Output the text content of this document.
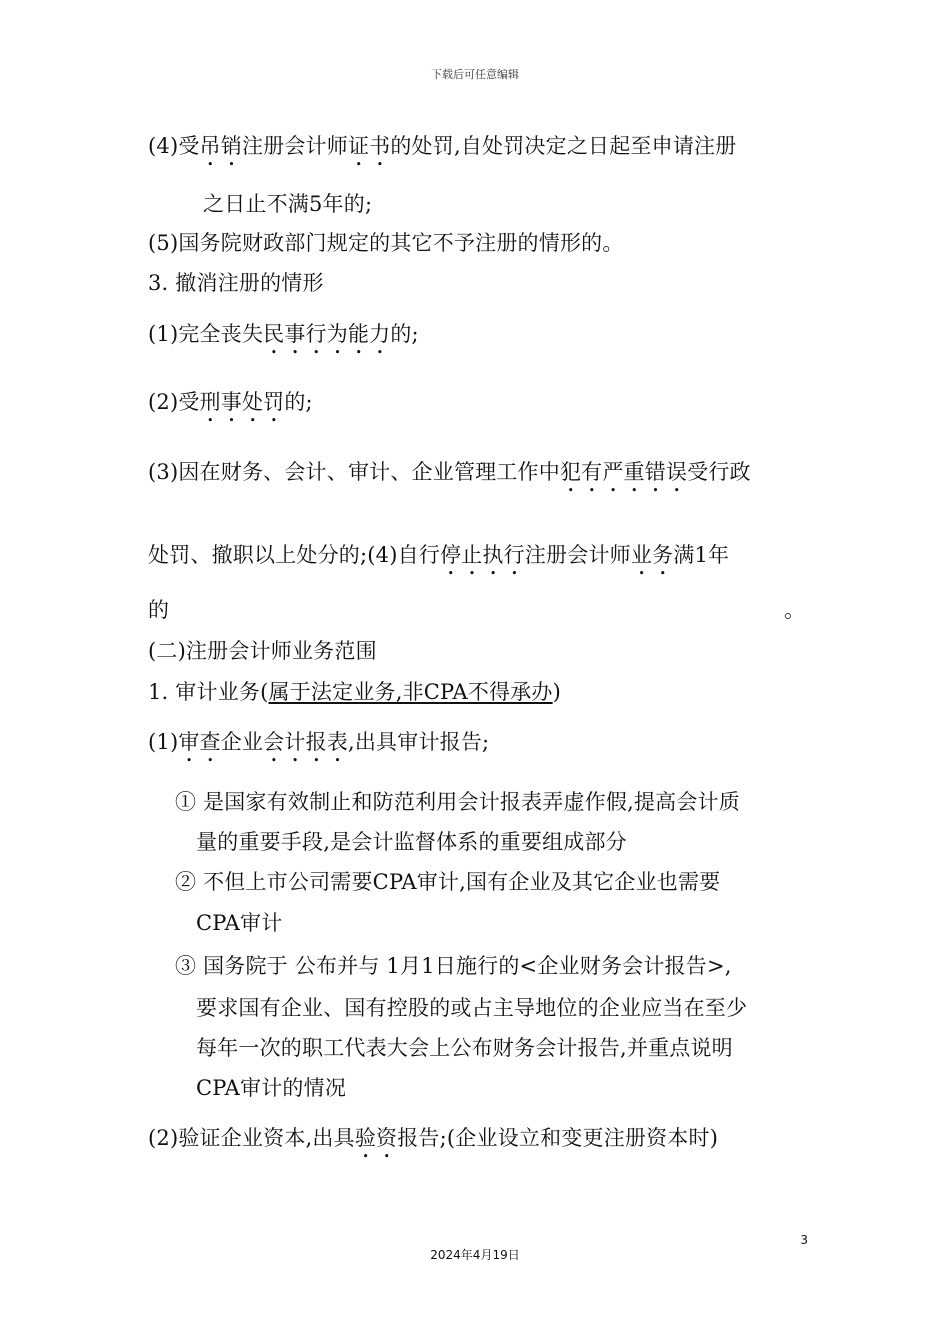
下载后可任意编辑
(4)受吊销注册会计师证书的处罚,自处罚决定之日起至申请注册
之日止不满5年的;
(5)国务院财政部门规定的其它不予注册的情形的。
3. 撤消注册的情形
(1)完全丧失民事行为能力的;
(2)受刑事处罚的;
(3)因在财务、会计、审计、企业管理工作中犯有严重错误受行政
处罚、撤职以上处分的;(4)自行停止执行注册会计师业务满1年
的	。
(二)注册会计师业务范围
1. 审计业务(属于法定业务,非CPA不得承办)
(1)审查企业会计报表,出具审计报告;
① 是国家有效制止和防范利用会计报表弄虚作假,提高会计质
量的重要手段,是会计监督体系的重要组成部分
② 不但上市公司需要CPA审计,国有企业及其它企业也需要
CPA审计
③ 国务院于 公布并与 1月1日施行的<企业财务会计报告>,
要求国有企业、国有控股的或占主导地位的企业应当在至少
每年一次的职工代表大会上公布财务会计报告,并重点说明
CPA审计的情况
(2)验证企业资本,出具验资报告;(企业设立和变更注册资本时)
3
2024年4月19日
